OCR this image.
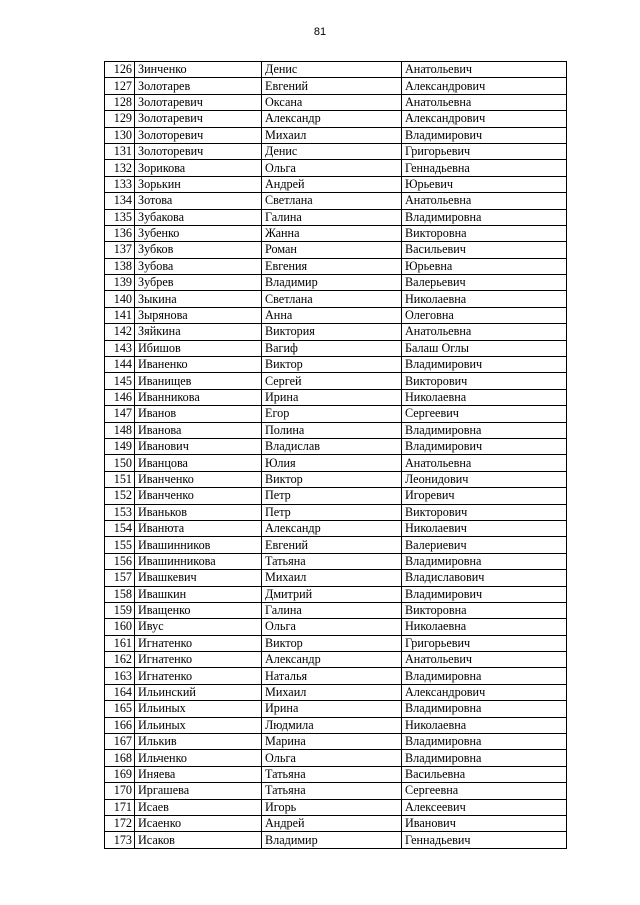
81
126	Зинченко	Денис	Анатольевич
127	Золотарев	Евгений	Александрович
128	Золотаревич	Оксана	Анатольевна
129	Золотаревич	Александр	Александрович
130	Золоторевич	Михаил	Владимирович
131	Золоторевич	Денис	Григорьевич
132	Зорикова	Ольга	Геннадьевна
133	Зорькин	Андрей	Юрьевич
134	Зотова	Светлана	Анатольевна
135	Зубакова	Галина	Владимировна
136	Зубенко	Жанна	Викторовна
137	Зубков	Роман	Васильевич
138	Зубова	Евгения	Юрьевна
139	Зубрев	Владимир	Валерьевич
140	Зыкина	Светлана	Николаевна
141	Зырянова	Анна	Олеговна
142	Зяйкина	Виктория	Анатольевна
143	Ибишов	Вагиф	Балаш Оглы
144	Иваненко	Виктор	Владимирович
145	Иванищев	Сергей	Викторович
146	Иванникова	Ирина	Николаевна
147	Иванов	Егор	Сергеевич
148	Иванова	Полина	Владимировна
149	Иванович	Владислав	Владимирович
150	Иванцова	Юлия	Анатольевна
151	Иванченко	Виктор	Леонидович
152	Иванченко	Петр	Игоревич
153	Иваньков	Петр	Викторович
154	Иванюта	Александр	Николаевич
155	Ивашинников	Евгений	Валериевич
156	Ивашинникова	Татьяна	Владимировна
157	Ивашкевич	Михаил	Владиславович
158	Ивашкин	Дмитрий	Владимирович
159	Иващенко	Галина	Викторовна
160	Ивус	Ольга	Николаевна
161	Игнатенко	Виктор	Григорьевич
162	Игнатенко	Александр	Анатольевич
163	Игнатенко	Наталья	Владимировна
164	Ильинский	Михаил	Александрович
165	Ильиных	Ирина	Владимировна
166	Ильиных	Людмила	Николаевна
167	Илькив	Марина	Владимировна
168	Ильченко	Ольга	Владимировна
169	Иняева	Татьяна	Васильевна
170	Иргашева	Татьяна	Сергеевна
171	Исаев	Игорь	Алексеевич
172	Исаенко	Андрей	Иванович
173	Исаков	Владимир	Геннадьевич
